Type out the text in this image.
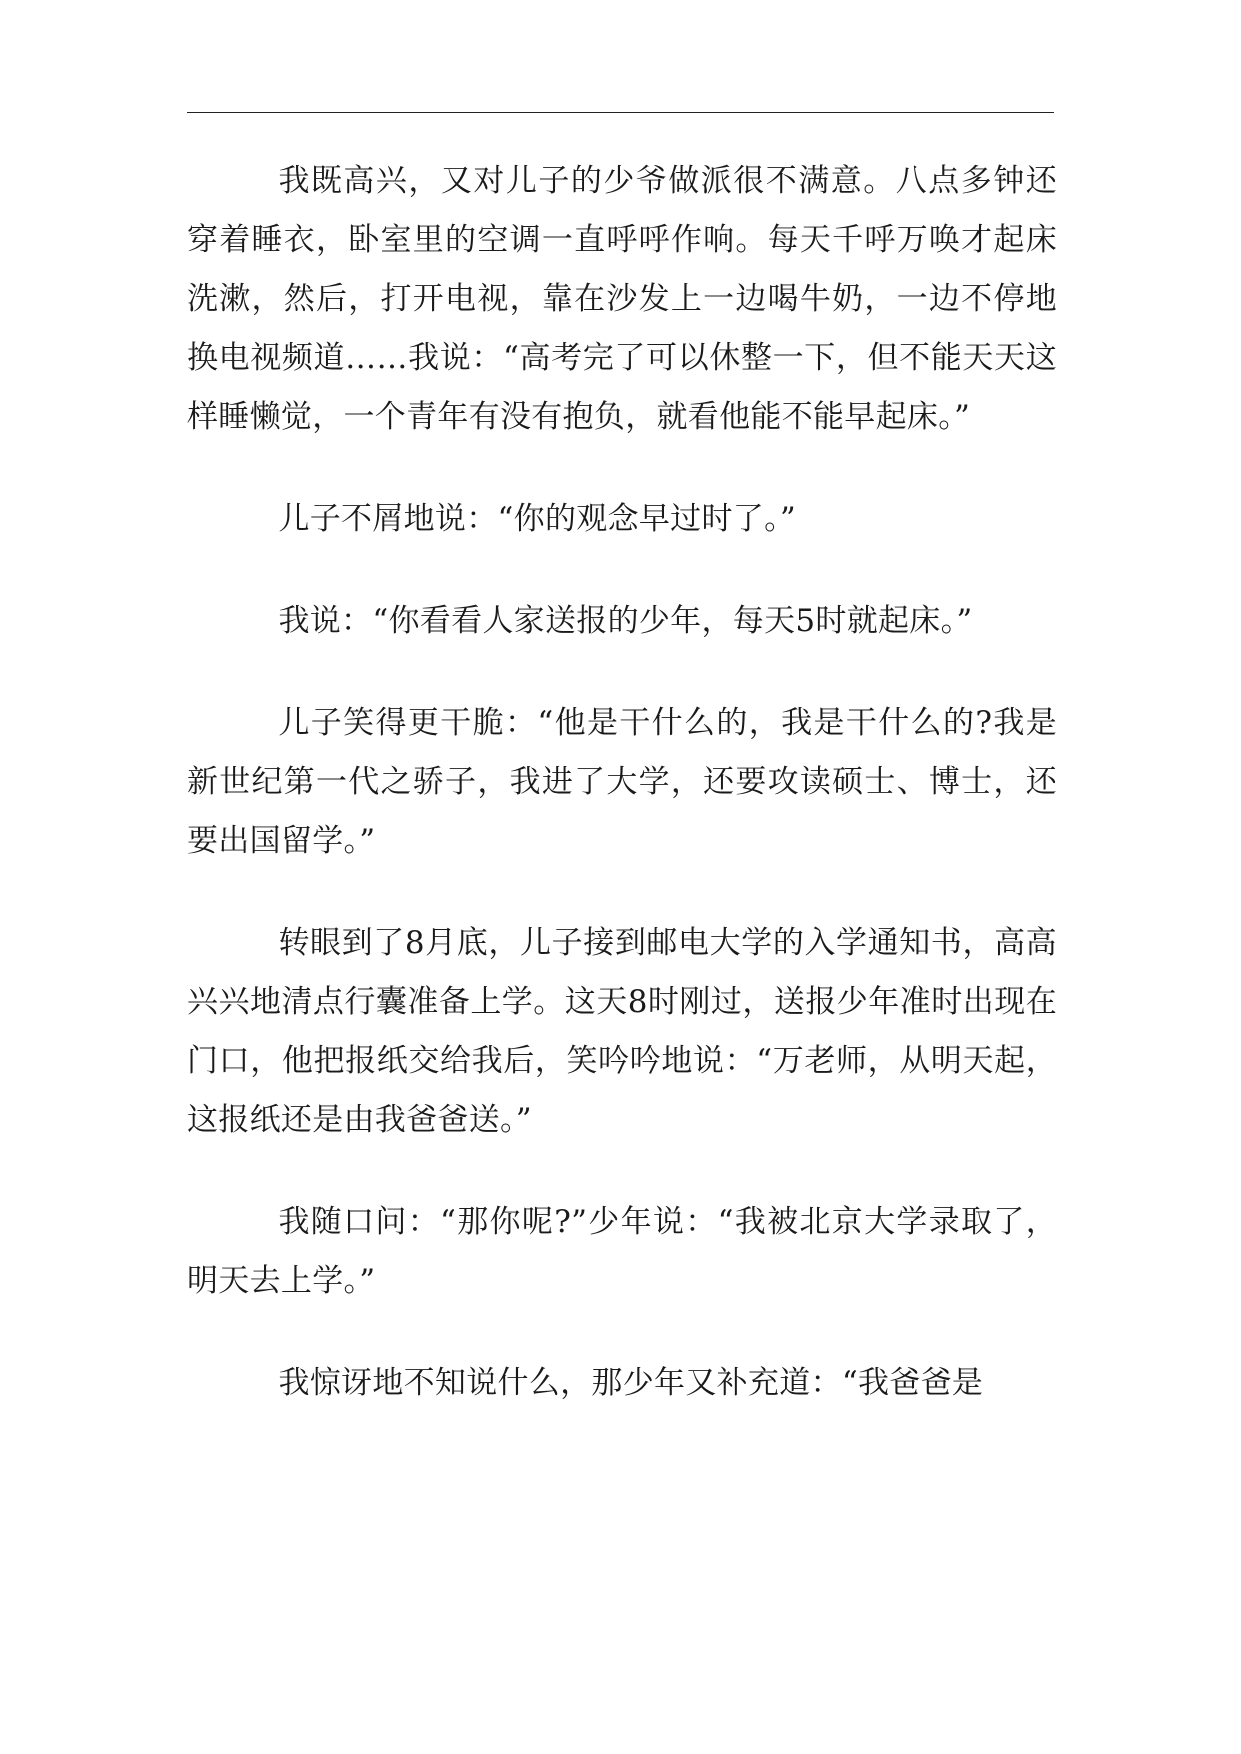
我既高兴，又对儿子的少爷做派很不满意。八点多钟还穿着睡衣，卧室里的空调一直呼呼作响。每天千呼万唤才起床洗漱，然后，打开电视，靠在沙发上一边喝牛奶，一边不停地换电视频道……我说：“高考完了可以休整一下，但不能天天这样睡懒觉，一个青年有没有抱负，就看他能不能早起床。”

儿子不屑地说：“你的观念早过时了。”

我说：“你看看人家送报的少年，每天5时就起床。”

儿子笑得更干脆：“他是干什么的，我是干什么的?我是新世纪第一代之骄子，我进了大学，还要攻读硕士、博士，还要出国留学。”

转眼到了8月底，儿子接到邮电大学的入学通知书，高高兴兴地清点行囊准备上学。这天8时刚过，送报少年准时出现在门口，他把报纸交给我后，笑吟吟地说：“万老师，从明天起，这报纸还是由我爸爸送。”

我随口问：“那你呢?”少年说：“我被北京大学录取了，明天去上学。”

我惊讶地不知说什么，那少年又补充道：“我爸爸是
